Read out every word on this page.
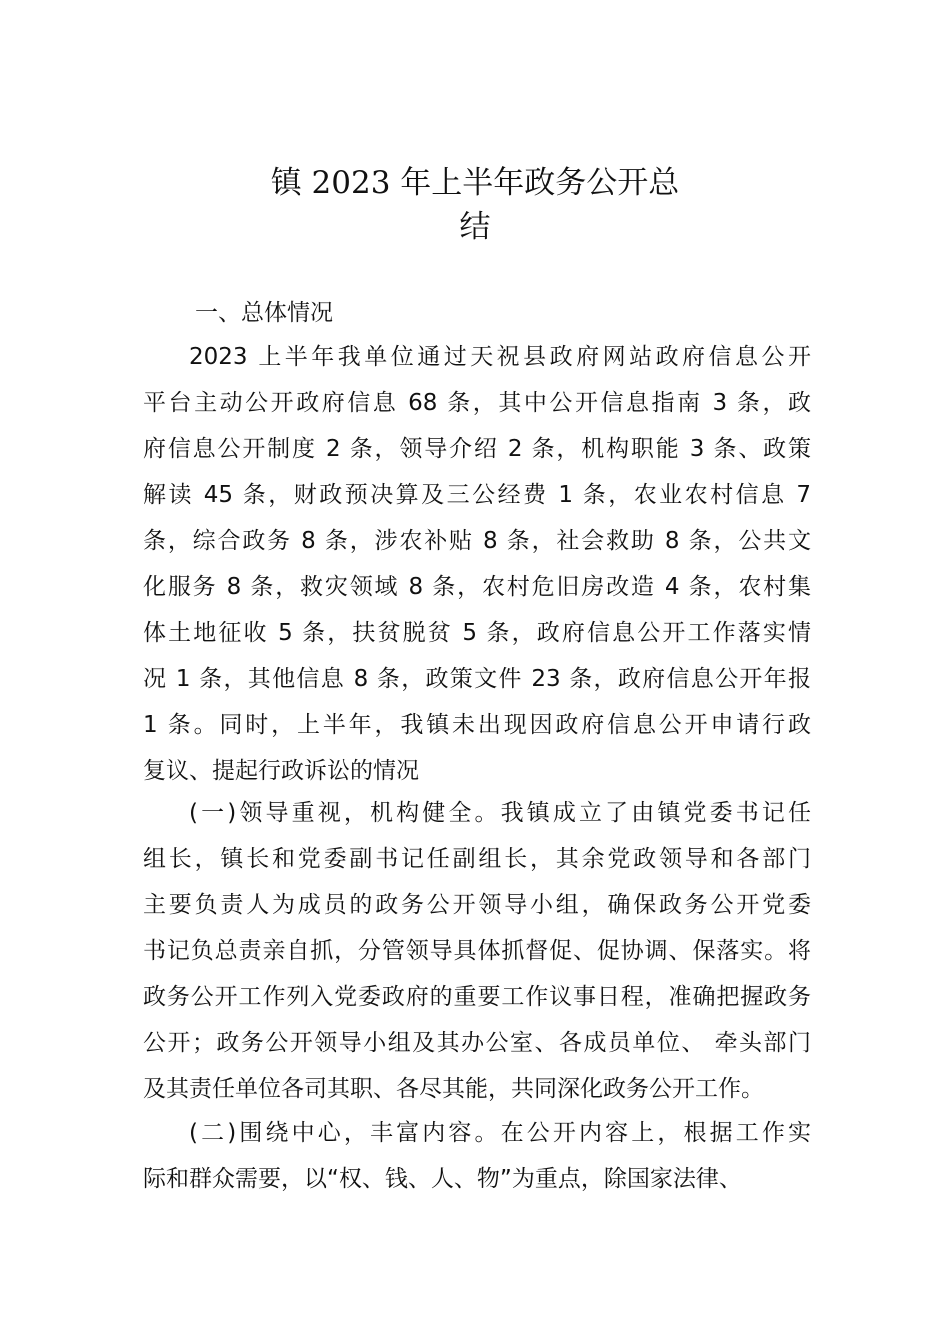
镇 2023 年上半年政务公开总
结
一、总体情况

2023 上半年我单位通过天祝县政府网站政府信息公开
平台主动公开政府信息 68 条，其中公开信息指南 3 条，政
府信息公开制度 2 条，领导介绍 2 条，机构职能 3 条、政策
解读 45 条，财政预决算及三公经费 1 条，农业农村信息 7
条，综合政务 8 条，涉农补贴 8 条，社会救助 8 条，公共文
化服务 8 条，救灾领域 8 条，农村危旧房改造 4 条，农村集
体土地征收 5 条，扶贫脱贫 5 条，政府信息公开工作落实情
况 1 条，其他信息 8 条，政策文件 23 条，政府信息公开年报
1 条。同时，上半年，我镇未出现因政府信息公开申请行政
复议、提起行政诉讼的情况

(一)领导重视，机构健全。我镇成立了由镇党委书记任
组长，镇长和党委副书记任副组长，其余党政领导和各部门
主要负责人为成员的政务公开领导小组，确保政务公开党委
书记负总责亲自抓，分管领导具体抓督促、促协调、保落实。将
政务公开工作列入党委政府的重要工作议事日程，准确把握政务
公开；政务公开领导小组及其办公室、各成员单位、 牵头部门
及其责任单位各司其职、各尽其能，共同深化政务公开工作。

(二)围绕中心，丰富内容。在公开内容上，根据工作实
际和群众需要，以“权、钱、人、物”为重点，除国家法律、
